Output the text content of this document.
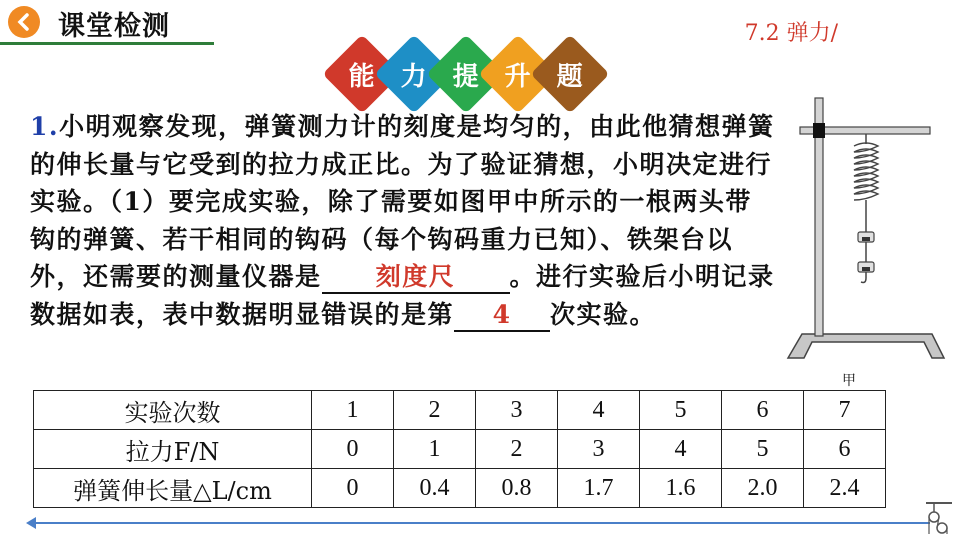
课堂检测	7.2 弹力/
能 力 提 升 题
1.小明观察发现，弹簧测力计的刻度是均匀的，由此他猜想弹簧的伸长量与它受到的拉力成正比。为了验证猜想，小明决定进行实验。（1）要完成实验，除了需要如图甲中所示的一根两头带钩的弹簧、若干相同的钩码（每个钩码重力已知）、铁架台以外，还需要的测量仪器是 刻度尺 。进行实验后小明记录数据如表，表中数据明显错误的是第 4 次实验。
甲
实验次数	1	2	3	4	5	6	7
拉力F/N	0	1	2	3	4	5	6
弹簧伸长量△L/cm	0	0.4	0.8	1.7	1.6	2.0	2.4
